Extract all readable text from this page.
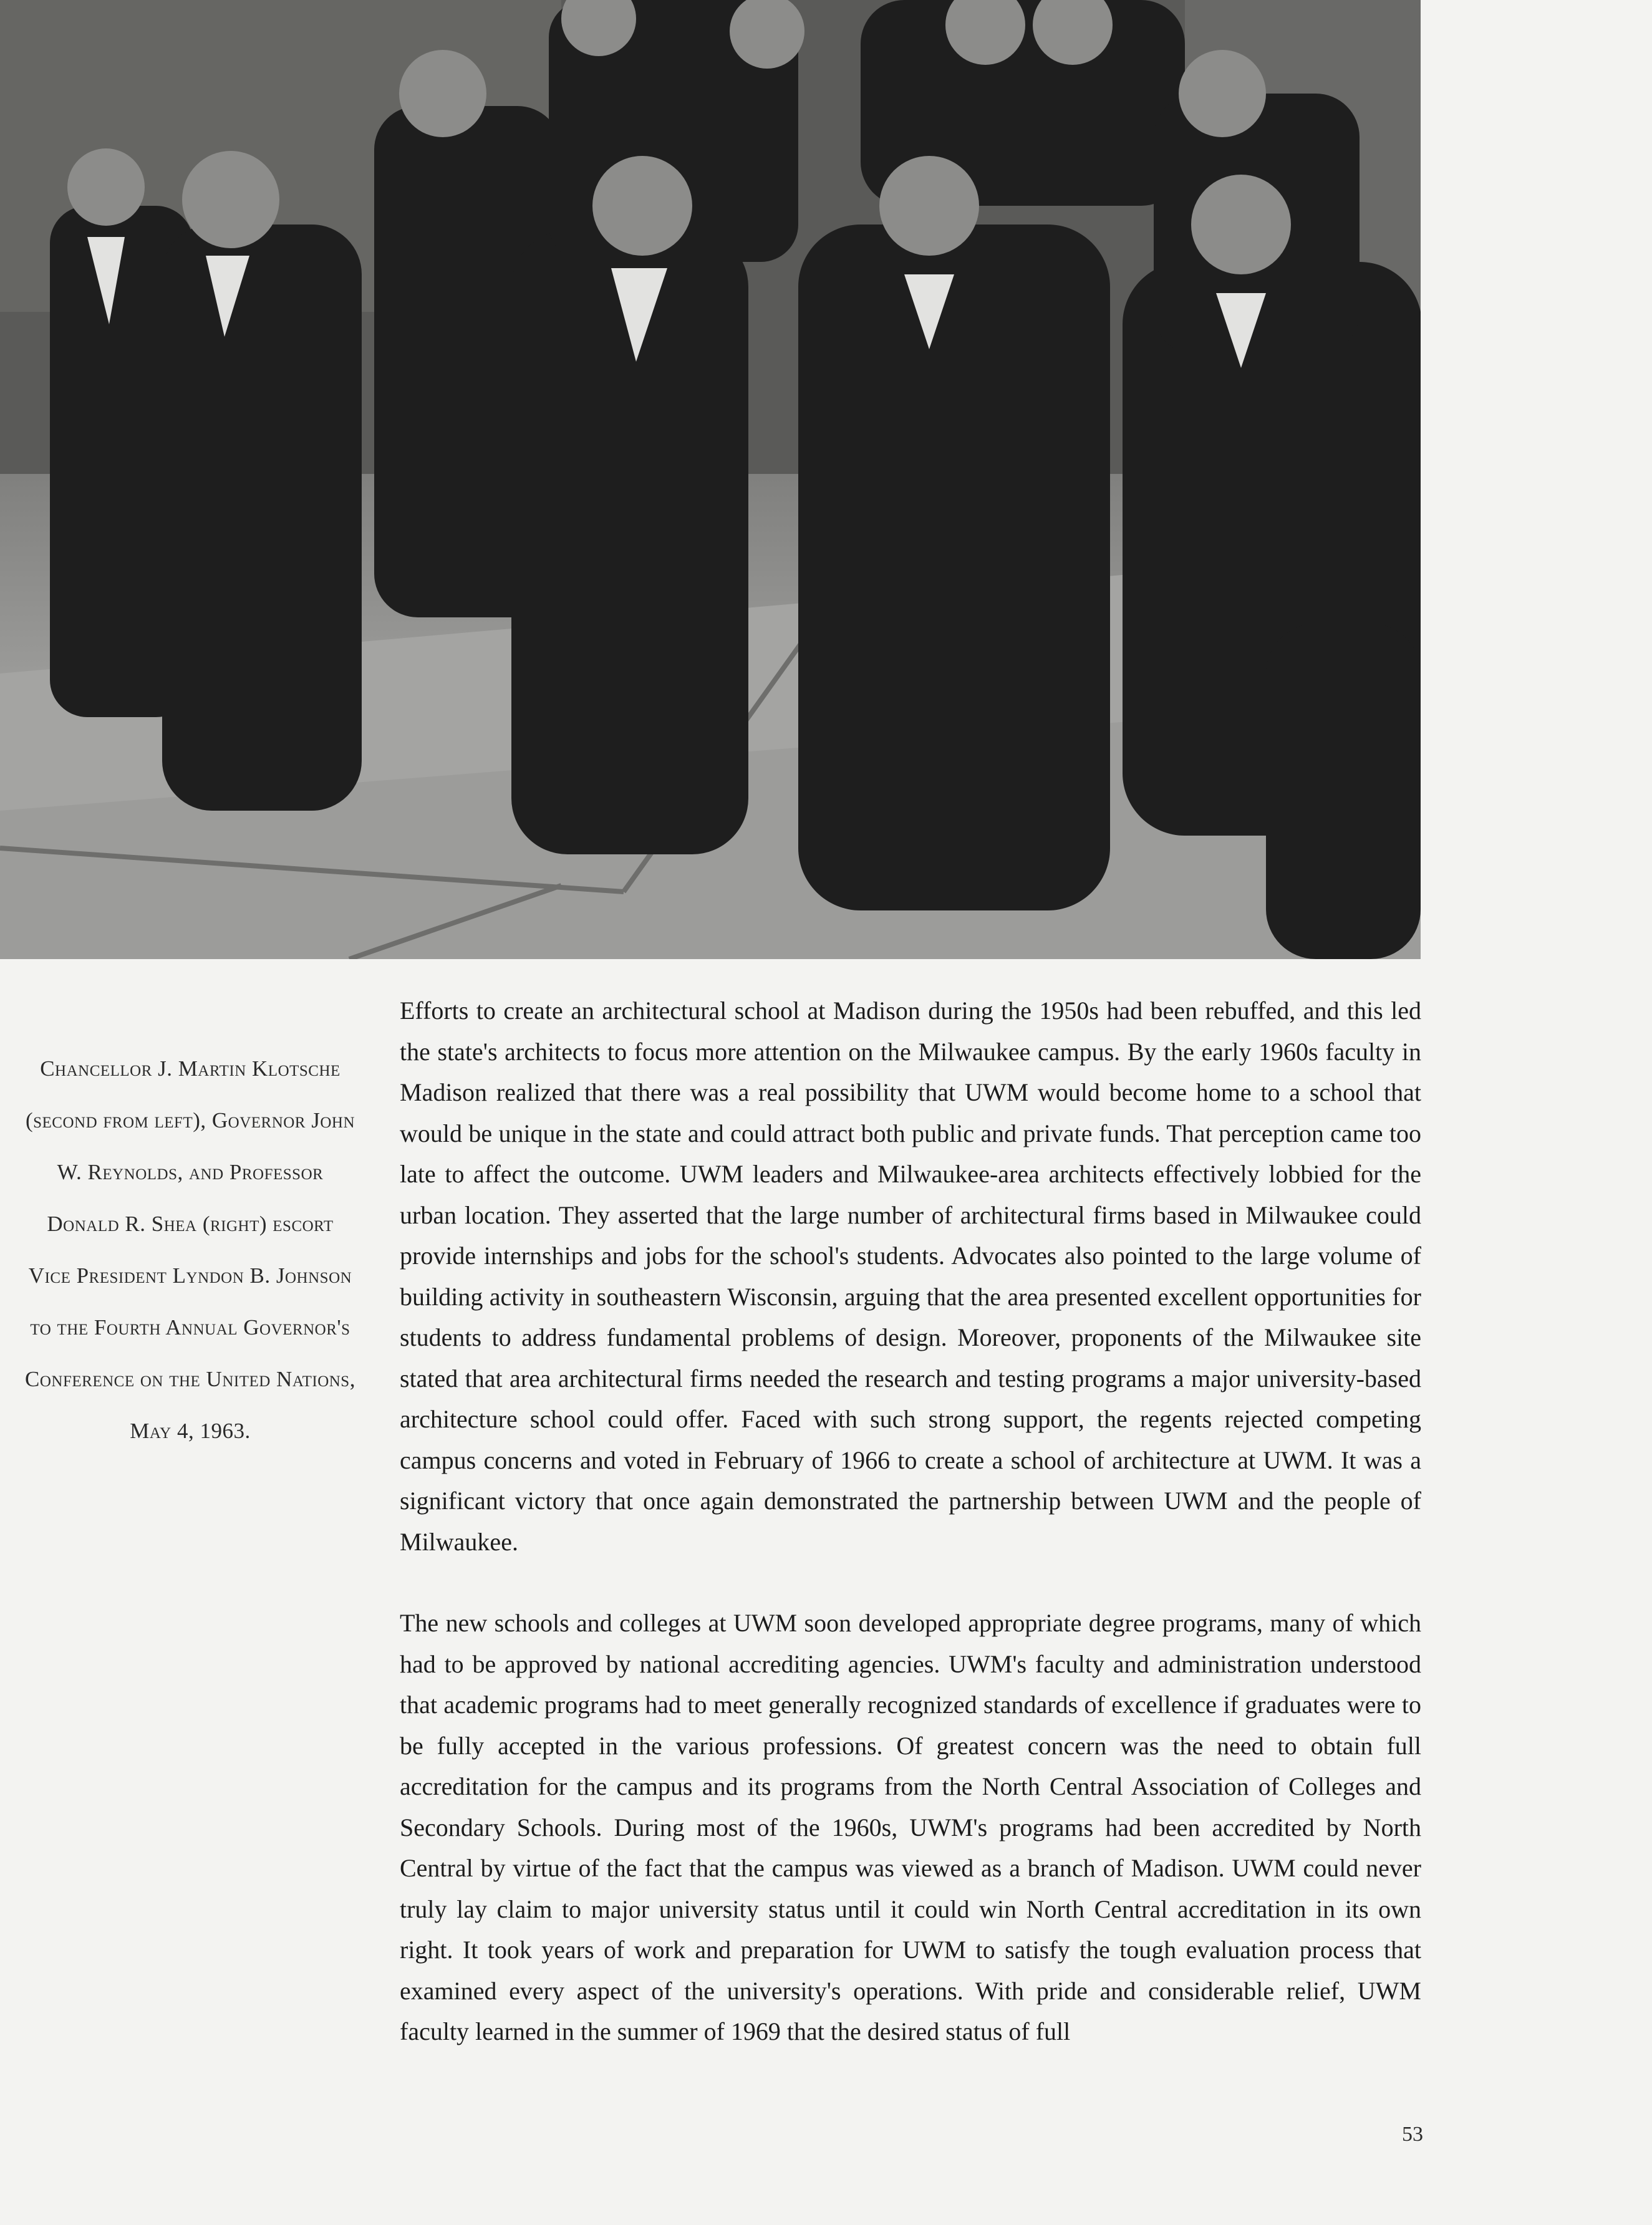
Chancellor J. Martin Klotsche (second from left), Governor John W. Reynolds, and Professor Donald R. Shea (right) escort Vice President Lyndon B. Johnson to the Fourth Annual Governor's Conference on the United Nations, May 4, 1963.

Efforts to create an architectural school at Madison during the 1950s had been rebuffed, and this led the state's architects to focus more attention on the Milwaukee campus. By the early 1960s faculty in Madison realized that there was a real possibility that UWM would become home to a school that would be unique in the state and could attract both public and private funds. That perception came too late to affect the outcome. UWM leaders and Milwaukee-area architects effectively lobbied for the urban location. They asserted that the large number of architectural firms based in Milwaukee could provide internships and jobs for the school's students. Advocates also pointed to the large volume of building activity in southeastern Wisconsin, arguing that the area presented excellent opportunities for students to address fundamental problems of design. Moreover, proponents of the Milwaukee site stated that area architectural firms needed the research and testing programs a major university-based architecture school could offer. Faced with such strong support, the regents rejected competing campus concerns and voted in February of 1966 to create a school of architecture at UWM. It was a significant victory that once again demonstrated the partnership between UWM and the people of Milwaukee.

The new schools and colleges at UWM soon developed appropriate degree programs, many of which had to be approved by national accrediting agencies. UWM's faculty and administration understood that academic programs had to meet generally recognized standards of excellence if graduates were to be fully accepted in the various professions. Of greatest concern was the need to obtain full accreditation for the campus and its programs from the North Central Association of Colleges and Secondary Schools. During most of the 1960s, UWM's programs had been accredited by North Central by virtue of the fact that the campus was viewed as a branch of Madison. UWM could never truly lay claim to major university status until it could win North Central accreditation in its own right. It took years of work and preparation for UWM to satisfy the tough evaluation process that examined every aspect of the university's operations. With pride and considerable relief, UWM faculty learned in the summer of 1969 that the desired status of full

53
